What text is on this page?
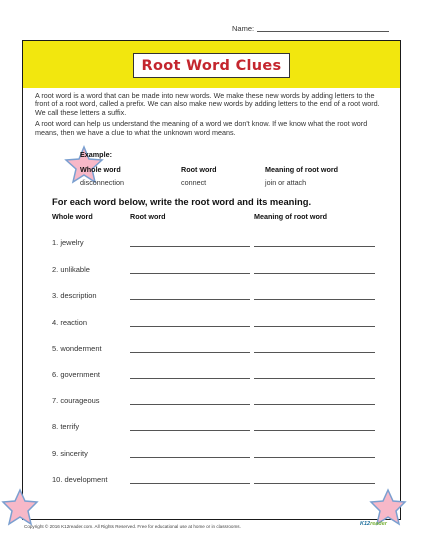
Name:
Root Word Clues

A root word is a word that can be made into new words. We make these new words by adding letters to the front of a root word, called a prefix. We can also make new words by adding letters to the end of a root word. We call these letters a suffix.

A root word can help us understand the meaning of a word we don't know. If we know what the root word means, then we have a clue to what the unknown word means.

Example:
Whole word	Root word	Meaning of root word
disconnection	connect	join or attach
For each word below, write the root word and its meaning.
Whole word	Root word	Meaning of root word
1. jewelry
2. unlikable
3. description
4. reaction
5. wonderment
6. government
7. courageous
8. terrify
9. sincerity
10. development
Copyright © 2016 K12reader.com. All Rights Reserved. Free for educational use at home or in classrooms.	K12reader
